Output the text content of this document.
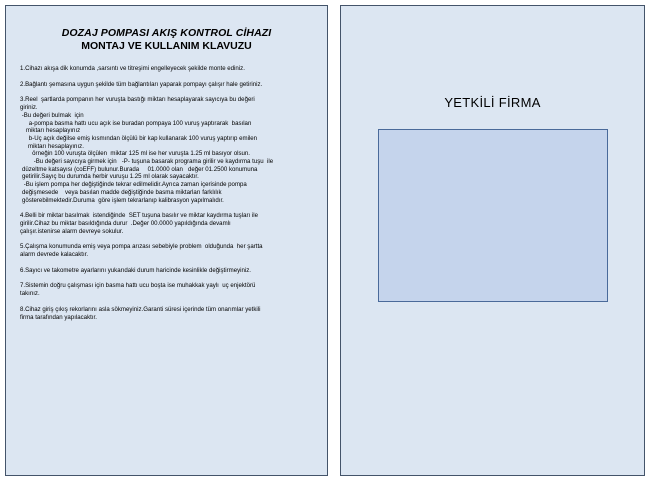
DOZAJ POMPASI AKIŞ KONTROL CİHAZI
MONTAJ VE KULLANIM KLAVUZU
1.Cihazı akışa dik konumda ,sarsıntı ve titreşimi engelleyecek şekilde monte ediniz.
2.Bağlantı şemasına uygun şekilde tüm bağlantıları yaparak pompayı çalışır hale getiriniz.
3.Reel  şartlarda pompanın her vuruşta bastığı miktarı hesaplayarak sayıcıya bu değeri
giriniz.
-Bu değeri bulmak  için
a-pompa basma hattı ucu açık ise buradan pompaya 100 vuruş yaptırarak  basılan
miktarı hesaplayınız
b-Uç açık değilse emiş kısmından ölçülü bir kap kullanarak 100 vuruş yaptırıp emilen
miktarı hesaplayınız.
örneğin 100 vuruşta ölçülen  miktar 125 ml ise her vuruşta 1.25 ml basıyor olsun.
-Bu değeri sayıcıya girmek için   -P- tuşuna basarak programa girilir ve kaydırma tuşu  ile
düzeltme katsayısı (coEFF) bulunur.Burada     01.0000 olan   değer 01.2500 konumuna
getirilir.Sayıç bu durumda herbir vuruşu 1.25 ml olarak sayacaktır.
-Bu işlem pompa her değiştiğinde tekrar edilmelidir.Ayrıca zaman içerisinde pompa
değişmesede    veya basılan madde değiştiğinde basma miktarları farklılık
gösterebilmektedir.Duruma  göre işlem tekrarlanıp kalibrasyon yapılmalıdır.
4.Belli bir miktar basılmak  istendiğinde  SET tuşuna basılır ve miktar kaydırma tuşları ile
girilir.Cihaz bu miktar basıldığında durur  .Değer 00.0000 yapıldığında devamlı
çalışır.istenirse alarm devreye sokulur.
5.Çalışma konumunda emiş veya pompa arızası sebebiyle problem  olduğunda  her şartta
alarm devrede kalacaktır.
6.Sayıcı ve takometre ayarlarını yukarıdaki durum haricinde kesinlikle değiştirmeyiniz.
7.Sistemin doğru çalışması için basma hattı ucu boşta ise muhakkak yaylı  uç enjektörü
takınız.
8.Cihaz giriş çıkış rekorlarını asla sökmeyiniz.Garanti süresi içerinde tüm onarımlar yetkili
firma tarafından yapılacaktır.
YETKİLİ FİRMA
